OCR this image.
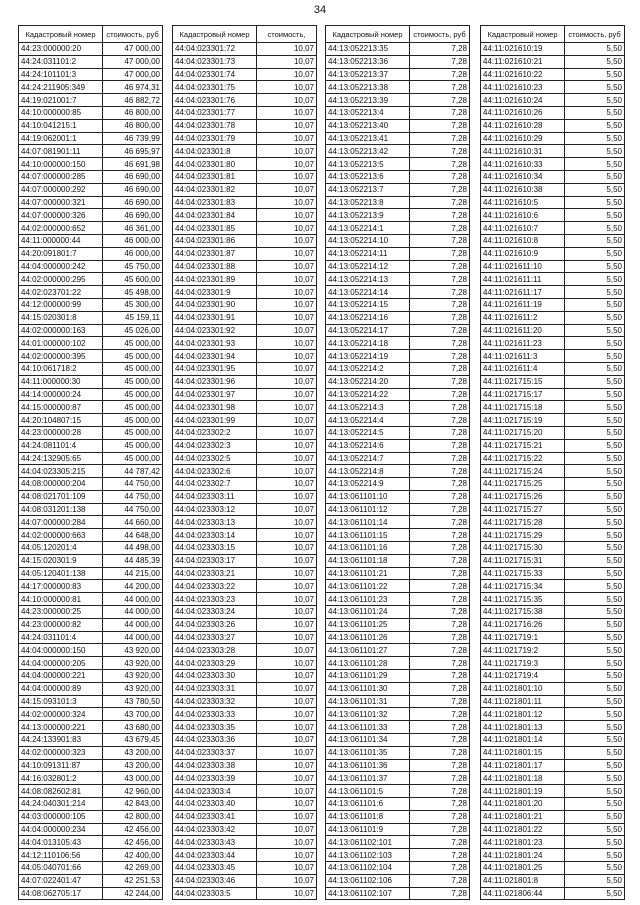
34
Кадастровый номер	стоимость, руб
44:23:000000:20	47 000,00
44:24:031101:2	47 000,00
44:24:101101:3	47 000,00
44:24:211905:349	46 974,31
44:19:021001:7	46 882,72
44:10:000000:85	46 800,00
44:10:041215:1	46 800,00
44:19:062001:1	46 739,99
44:07:081901:11	46 695,97
44:10:000000:150	46 691,98
44:07:000000:285	46 690,00
44:07:000000:292	46 690,00
44:07:000000:321	46 690,00
44:07:000000:326	46 690,00
44:02:000000:652	46 361,00
44:11:000000:44	46 000,00
44:20:091801:7	46 000,00
44:04:000000:242	45 750,00
44:02:000000:295	45 600,00
44:02:023701:22	45 498,00
44:12:000000:99	45 300,00
44:15:020301:8	45 159,11
44:02:000000:163	45 026,00
44:01:000000:102	45 000,00
44:02:000000:395	45 000,00
44:10:061718:2	45 000,00
44:11:000000:30	45 000,00
44:14:000000:24	45 000,00
44:15:000000:87	45 000,00
44:20:104807:15	45 000,00
44:23:000000:28	45 000,00
44:24:081101:4	45 000,00
44:24:132905:65	45 000,00
44:04:023305:215	44 787,42
44:08:000000:204	44 750,00
44:08:021701:109	44 750,00
44:08:031201:138	44 750,00
44:07:000000:284	44 660,00
44:02:000000:663	44 648,00
44:05:120201:4	44 498,00
44:15:020301:9	44 485,39
44:05:120401:138	44 215,00
44:17:000000:83	44 200,00
44:10:000000:81	44 000,00
44:23:000000:25	44 000,00
44:23:000000:82	44 000,00
44:24:031101:4	44 000,00
44:04:000000:150	43 920,00
44:04:000000:205	43 920,00
44:04:000000:221	43 920,00
44:04:000000:89	43 920,00
44:15:093101:3	43 780,50
44:02:000000:324	43 700,00
44:13:000000:221	43 680,00
44:24:133901:83	43 679,45
44:02:000000:323	43 200,00
44:10:091311:87	43 200,00
44:16:032801:2	43 000,00
44:08:082602:81	42 960,00
44:24:040301:214	42 843,00
44:03:000000:105	42 800,00
44:04:000000:234	42 456,00
44:04:013105:43	42 456,00
44:12:110106:56	42 400,00
44:05:040701:66	42 269,00
44:07:022401:47	42 251,53
44:08:062705:17	42 244,00
Кадастровый номер	стоимость,
44:04:023301:72	10,07
44:04:023301:73	10,07
44:04:023301:74	10,07
44:04:023301:75	10,07
44:04:023301:76	10,07
44:04:023301:77	10,07
44:04:023301:78	10,07
44:04:023301:79	10,07
44:04:023301:8	10,07
44:04:023301:80	10,07
44:04:023301:81	10,07
44:04:023301:82	10,07
44:04:023301:83	10,07
44:04:023301:84	10,07
44:04:023301:85	10,07
44:04:023301:86	10,07
44:04:023301:87	10,07
44:04:023301:88	10,07
44:04:023301:89	10,07
44:04:023301:9	10,07
44:04:023301:90	10,07
44:04:023301:91	10,07
44:04:023301:92	10,07
44:04:023301:93	10,07
44:04:023301:94	10,07
44:04:023301:95	10,07
44:04:023301:96	10,07
44:04:023301:97	10,07
44:04:023301:98	10,07
44:04:023301:99	10,07
44:04:023302:2	10,07
44:04:023302:3	10,07
44:04:023302:5	10,07
44:04:023302:6	10,07
44:04:023302:7	10,07
44:04:023303:11	10,07
44:04:023303:12	10,07
44:04:023303:13	10,07
44:04:023303:14	10,07
44:04:023303:15	10,07
44:04:023303:17	10,07
44:04:023303:21	10,07
44:04:023303:22	10,07
44:04:023303:23	10,07
44:04:023303:24	10,07
44:04:023303:26	10,07
44:04:023303:27	10,07
44:04:023303:28	10,07
44:04:023303:29	10,07
44:04:023303:30	10,07
44:04:023303:31	10,07
44:04:023303:32	10,07
44:04:023303:33	10,07
44:04:023303:35	10,07
44:04:023303:36	10,07
44:04:023303:37	10,07
44:04:023303:38	10,07
44:04:023303:39	10,07
44:04:023303:4	10,07
44:04:023303:40	10,07
44:04:023303:41	10,07
44:04:023303:42	10,07
44:04:023303:43	10,07
44:04:023303:44	10,07
44:04:023303:45	10,07
44:04:023303:46	10,07
44:04:023303:5	10,07
Кадастровый номер	стоимость, руб
44:13:052213:35	7,28
44:13:052213:36	7,28
44:13:052213:37	7,28
44:13:052213:38	7,28
44:13:052213:39	7,28
44:13:052213:4	7,28
44:13:052213:40	7,28
44:13:052213:41	7,28
44:13:052213:42	7,28
44:13:052213:5	7,28
44:13:052213:6	7,28
44:13:052213:7	7,28
44:13:052213:8	7,28
44:13:052213:9	7,28
44:13:052214:1	7,28
44:13:052214:10	7,28
44:13:052214:11	7,28
44:13:052214:12	7,28
44:13:052214:13	7,28
44:13:052214:14	7,28
44:13:052214:15	7,28
44:13:052214:16	7,28
44:13:052214:17	7,28
44:13:052214:18	7,28
44:13:052214:19	7,28
44:13:052214:2	7,28
44:13:052214:20	7,28
44:13:052214:22	7,28
44:13:052214:3	7,28
44:13:052214:4	7,28
44:13:052214:5	7,28
44:13:052214:6	7,28
44:13:052214:7	7,28
44:13:052214:8	7,28
44:13:052214:9	7,28
44:13:061101:10	7,28
44:13:061101:12	7,28
44:13:061101:14	7,28
44:13:061101:15	7,28
44:13:061101:16	7,28
44:13:061101:18	7,28
44:13:061101:21	7,28
44:13:061101:22	7,28
44:13:061101:23	7,28
44:13:061101:24	7,28
44:13:061101:25	7,28
44:13:061101:26	7,28
44:13:061101:27	7,28
44:13:061101:28	7,28
44:13:061101:29	7,28
44:13:061101:30	7,28
44:13:061101:31	7,28
44:13:061101:32	7,28
44:13:061101:33	7,28
44:13:061101:34	7,28
44:13:061101:35	7,28
44:13:061101:36	7,28
44:13:061101:37	7,28
44:13:061101:5	7,28
44:13:061101:6	7,28
44:13:061101:8	7,28
44:13:061101:9	7,28
44:13:061102:101	7,28
44:13:061102:103	7,28
44:13:061102:104	7,28
44:13:061102:106	7,28
44:13:061102:107	7,28
Кадастровый номер	стоимость, руб
44:11:021610:19	5,50
44:11:021610:21	5,50
44:11:021610:22	5,50
44:11:021610:23	5,50
44:11:021610:24	5,50
44:11:021610:26	5,50
44:11:021610:28	5,50
44:11:021610:29	5,50
44:11:021610:31	5,50
44:11:021610:33	5,50
44:11:021610:34	5,50
44:11:021610:38	5,50
44:11:021610:5	5,50
44:11:021610:6	5,50
44:11:021610:7	5,50
44:11:021610:8	5,50
44:11:021610:9	5,50
44:11:021611:10	5,50
44:11:021611:11	5,50
44:11:021611:17	5,50
44:11:021611:19	5,50
44:11:021611:2	5,50
44:11:021611:20	5,50
44:11:021611:23	5,50
44:11:021611:3	5,50
44:11:021611:4	5,50
44:11:021715:15	5,50
44:11:021715:17	5,50
44:11:021715:18	5,50
44:11:021715:19	5,50
44:11:021715:20	5,50
44:11:021715:21	5,50
44:11:021715:22	5,50
44:11:021715:24	5,50
44:11:021715:25	5,50
44:11:021715:26	5,50
44:11:021715:27	5,50
44:11:021715:28	5,50
44:11:021715:29	5,50
44:11:021715:30	5,50
44:11:021715:31	5,50
44:11:021715:33	5,50
44:11:021715:34	5,50
44:11:021715:35	5,50
44:11:021715:38	5,50
44:11:021716:26	5,50
44:11:021719:1	5,50
44:11:021719:2	5,50
44:11:021719:3	5,50
44:11:021719:4	5,50
44:11:021801:10	5,50
44:11:021801:11	5,50
44:11:021801:12	5,50
44:11:021801:13	5,50
44:11:021801:14	5,50
44:11:021801:15	5,50
44:11:021801:17	5,50
44:11:021801:18	5,50
44:11:021801:19	5,50
44:11:021801:20	5,50
44:11:021801:21	5,50
44:11:021801:22	5,50
44:11:021801:23	5,50
44:11:021801:24	5,50
44:11:021801:25	5,50
44:11:021801:8	5,50
44:11:021806:44	5,50
